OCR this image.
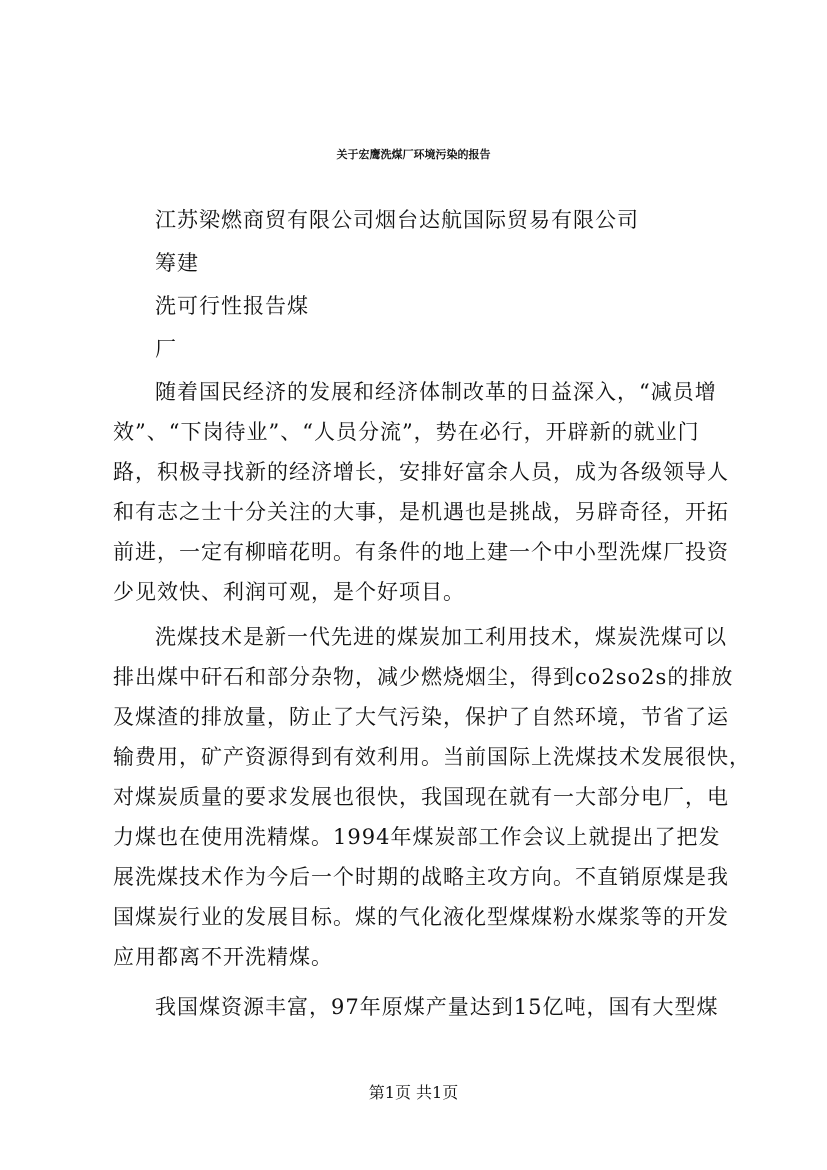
关于宏鹰洗煤厂环境污染的报告
江苏梁燃商贸有限公司烟台达航国际贸易有限公司
筹建
洗可行性报告煤
厂
随着国民经济的发展和经济体制改革的日益深入，“减员增
效”、“下岗待业”、“人员分流”，势在必行，开辟新的就业门
路，积极寻找新的经济增长，安排好富余人员，成为各级领导人
和有志之士十分关注的大事，是机遇也是挑战，另辟奇径，开拓
前进，一定有柳暗花明。有条件的地上建一个中小型洗煤厂投资
少见效快、利润可观，是个好项目。
洗煤技术是新一代先进的煤炭加工利用技术，煤炭洗煤可以
排出煤中矸石和部分杂物，减少燃烧烟尘，得到co2so2s的排放
及煤渣的排放量，防止了大气污染，保护了自然环境，节省了运
输费用，矿产资源得到有效利用。当前国际上洗煤技术发展很快，
对煤炭质量的要求发展也很快，我国现在就有一大部分电厂，电
力煤也在使用洗精煤。1994年煤炭部工作会议上就提出了把发
展洗煤技术作为今后一个时期的战略主攻方向。不直销原煤是我
国煤炭行业的发展目标。煤的气化液化型煤煤粉水煤浆等的开发
应用都离不开洗精煤。
我国煤资源丰富，97年原煤产量达到15亿吨，国有大型煤
第1页 共1页
